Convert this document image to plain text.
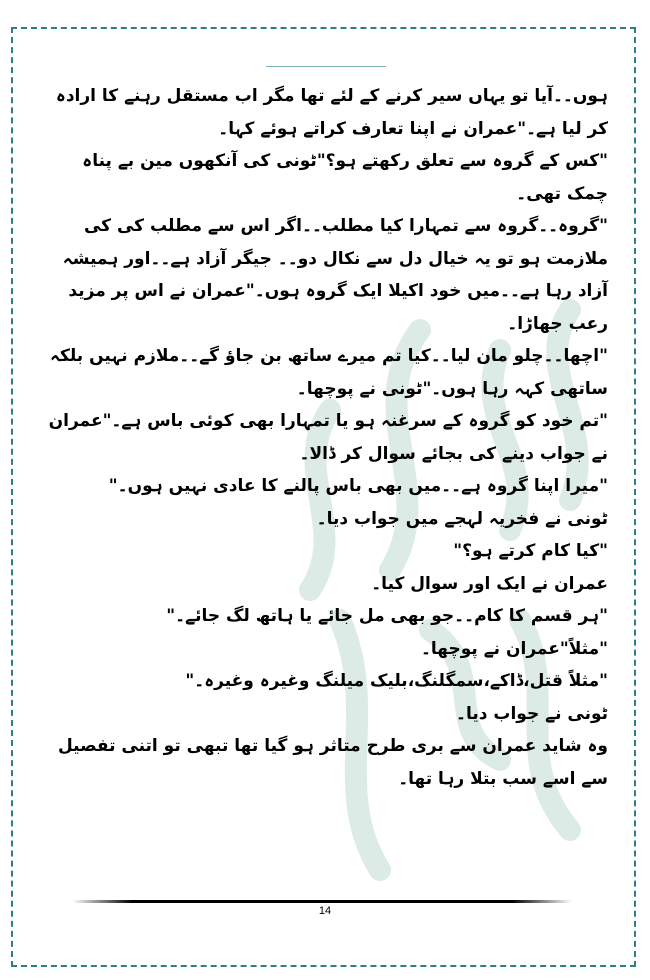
ہوں۔۔آیا تو یہاں سیر کرنے کے لئے تھا مگر اب مستقل رہنے کا ارادہ کر لیا ہے۔"عمران نے اپنا تعارف کراتے ہوئے کہا۔

"کس کے گروہ سے تعلق رکھتے ہو؟"ٹونی کی آنکھوں مین بے پناہ چمک تھی۔

"گروہ۔۔گروہ سے تمہارا کیا مطلب۔۔اگر اس سے مطلب کی کی ملازمت ہو تو یہ خیال دل سے نکال دو۔۔ جیگر آزاد ہے۔۔اور ہمیشہ آزاد رہا ہے۔۔میں خود اکیلا ایک گروہ ہوں۔"عمران نے اس پر مزید رعب جھاڑا۔

"اچھا۔۔چلو مان لیا۔۔کیا تم میرے ساتھ بن جاؤ گے۔۔ملازم نہیں بلکہ ساتھی کہہ رہا ہوں۔"ٹونی نے پوچھا۔

"تم خود کو گروہ کے سرغنہ ہو یا تمہارا بھی کوئی باس ہے۔"عمران نے جواب دینے کی بجائے سوال کر ڈالا۔

"میرا اپنا گروہ ہے۔۔میں بھی باس پالنے کا عادی نہیں ہوں۔"

ٹونی نے فخریہ لہجے میں جواب دیا۔

"کیا کام کرتے ہو؟"

عمران نے ایک اور سوال کیا۔

"ہر قسم کا کام۔۔جو بھی مل جائے یا ہاتھ لگ جائے۔"

"مثلاً"عمران نے پوچھا۔

"مثلاً قتل،ڈاکے،سمگلنگ،بلیک میلنگ وغیرہ وغیرہ۔"

ٹونی نے جواب دیا۔

وہ شاید عمران سے بری طرح متاثر ہو گیا تھا تبھی تو اتنی تفصیل سے اسے سب بتلا رہا تھا۔

14
